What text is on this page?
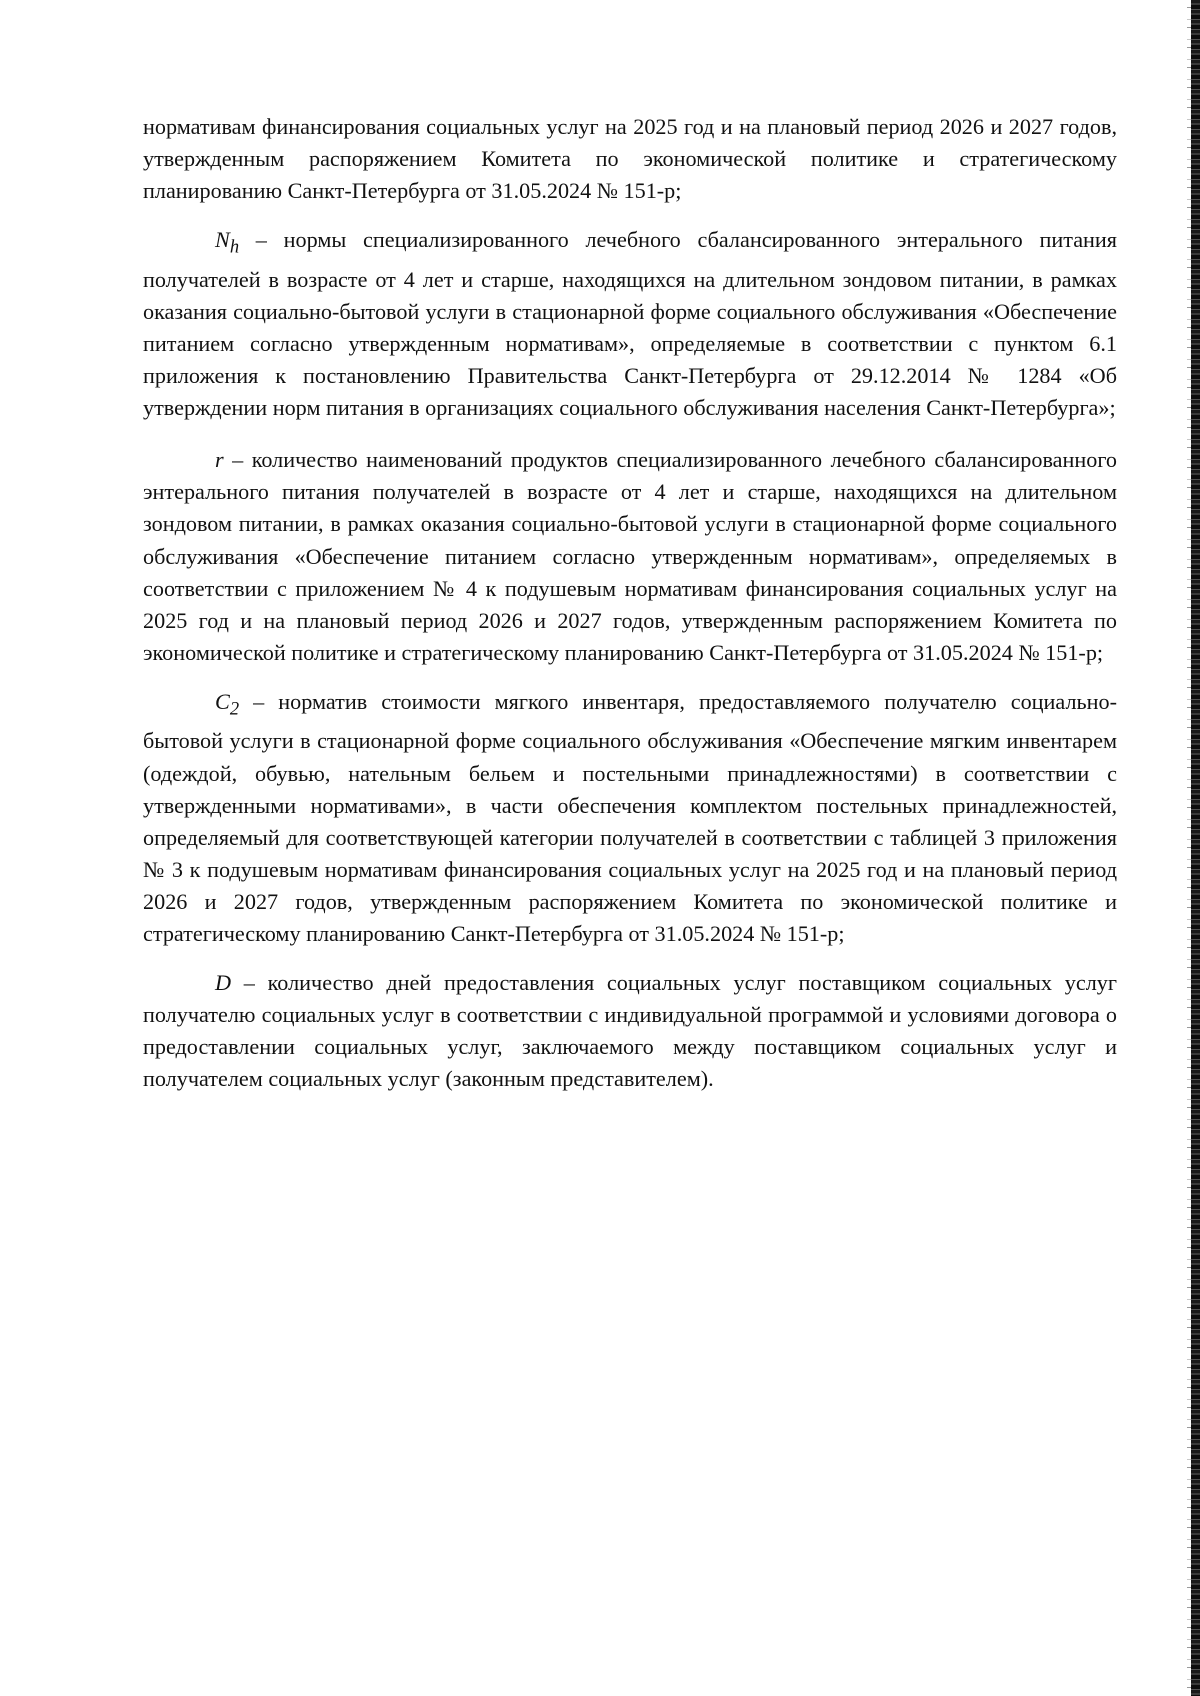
нормативам финансирования социальных услуг на 2025 год и на плановый период 2026 и 2027 годов, утвержденным распоряжением Комитета по экономической политике и стратегическому планированию Санкт-Петербурга от 31.05.2024 № 151-р;

$N_h$ – нормы специализированного лечебного сбалансированного энтерального питания получателей в возрасте от 4 лет и старше, находящихся на длительном зондовом питании, в рамках оказания социально-бытовой услуги в стационарной форме социального обслуживания «Обеспечение питанием согласно утвержденным нормативам», определяемые в соответствии с пунктом 6.1 приложения к постановлению Правительства Санкт-Петербурга от 29.12.2014 № 1284 «Об утверждении норм питания в организациях социального обслуживания населения Санкт-Петербурга»;

r – количество наименований продуктов специализированного лечебного сбалансированного энтерального питания получателей в возрасте от 4 лет и старше, находящихся на длительном зондовом питании, в рамках оказания социально-бытовой услуги в стационарной форме социального обслуживания «Обеспечение питанием согласно утвержденным нормативам», определяемых в соответствии с приложением № 4 к подушевым нормативам финансирования социальных услуг на 2025 год и на плановый период 2026 и 2027 годов, утвержденным распоряжением Комитета по экономической политике и стратегическому планированию Санкт-Петербурга от 31.05.2024 № 151-р;

$C_2$ – норматив стоимости мягкого инвентаря, предоставляемого получателю социально-бытовой услуги в стационарной форме социального обслуживания «Обеспечение мягким инвентарем (одеждой, обувью, нательным бельем и постельными принадлежностями) в соответствии с утвержденными нормативами», в части обеспечения комплектом постельных принадлежностей, определяемый для соответствующей категории получателей в соответствии с таблицей 3 приложения № 3 к подушевым нормативам финансирования социальных услуг на 2025 год и на плановый период 2026 и 2027 годов, утвержденным распоряжением Комитета по экономической политике и стратегическому планированию Санкт-Петербурга от 31.05.2024 № 151-р;

D – количество дней предоставления социальных услуг поставщиком социальных услуг получателю социальных услуг в соответствии с индивидуальной программой и условиями договора о предоставлении социальных услуг, заключаемого между поставщиком социальных услуг и получателем социальных услуг (законным представителем).
